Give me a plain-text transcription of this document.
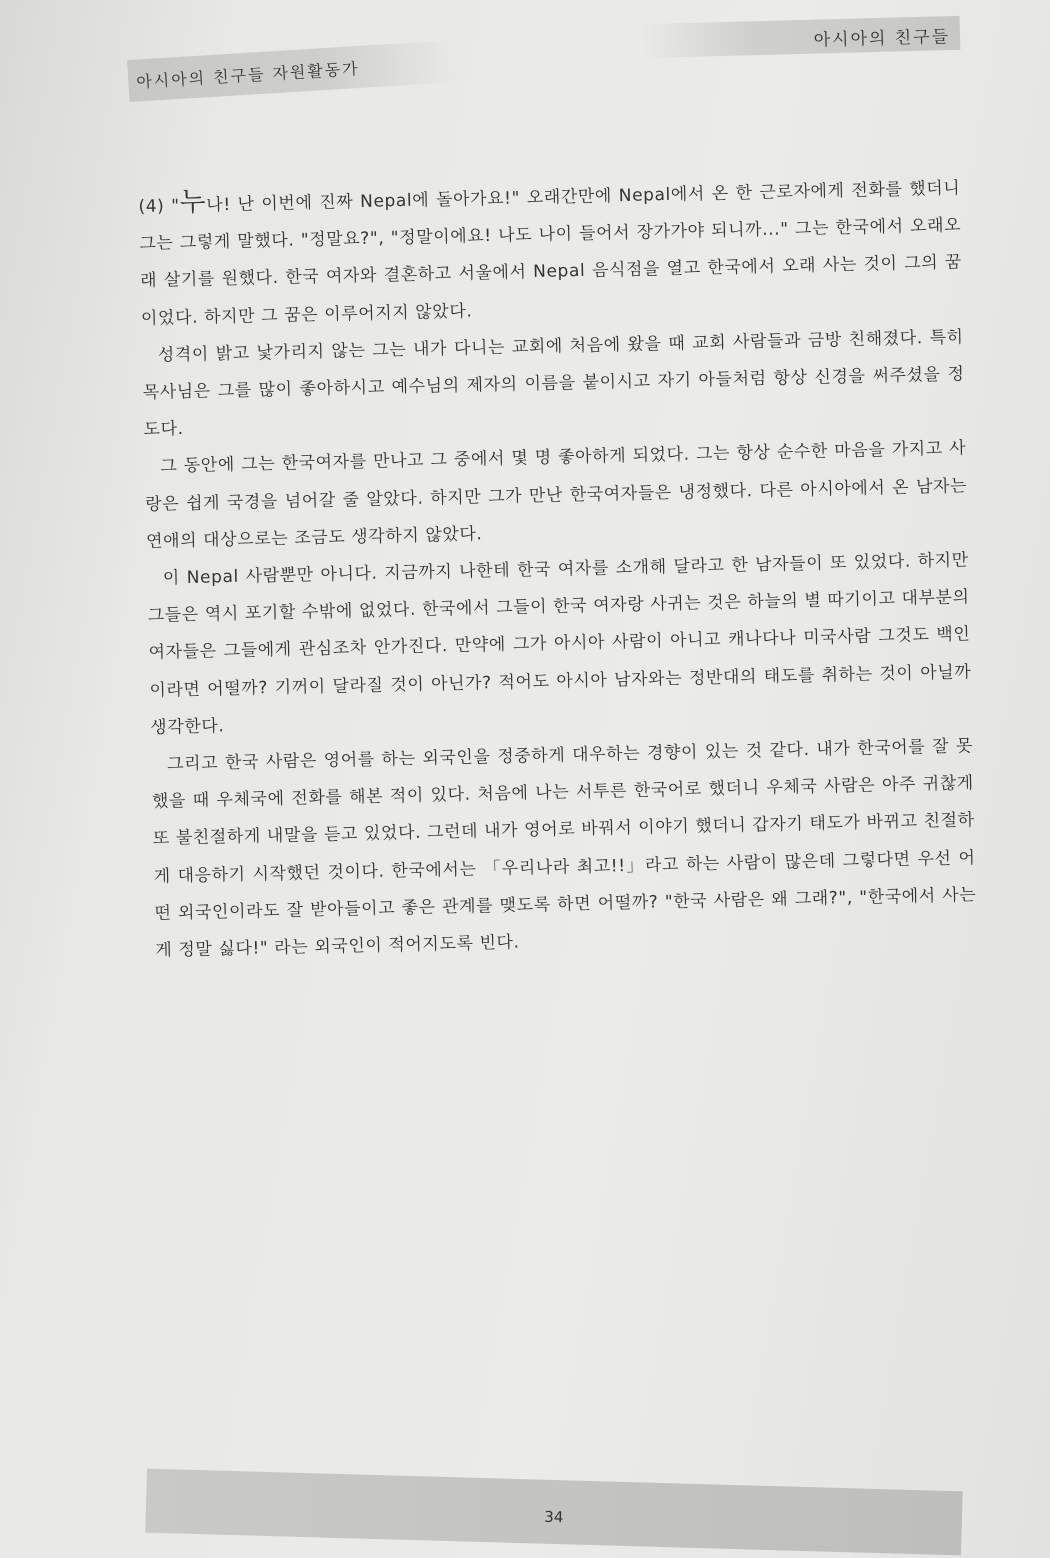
아시아의 친구들
아시아의 친구들 자원활동가

(4) "누나! 난 이번에 진짜 Nepal에 돌아가요!" 오래간만에 Nepal에서 온 한 근로자에게 전화를 했더니 그는 그렇게 말했다. "정말요?", "정말이에요! 나도 나이 들어서 장가가야 되니까..." 그는 한국에서 오래오래 살기를 원했다. 한국 여자와 결혼하고 서울에서 Nepal 음식점을 열고 한국에서 오래 사는 것이 그의 꿈이었다. 하지만 그 꿈은 이루어지지 않았다.

성격이 밝고 낯가리지 않는 그는 내가 다니는 교회에 처음에 왔을 때 교회 사람들과 금방 친해졌다. 특히 목사님은 그를 많이 좋아하시고 예수님의 제자의 이름을 붙이시고 자기 아들처럼 항상 신경을 써주셨을 정도다.

그 동안에 그는 한국여자를 만나고 그 중에서 몇 명 좋아하게 되었다. 그는 항상 순수한 마음을 가지고 사랑은 쉽게 국경을 넘어갈 줄 알았다. 하지만 그가 만난 한국여자들은 냉정했다. 다른 아시아에서 온 남자는 연애의 대상으로는 조금도 생각하지 않았다.

이 Nepal 사람뿐만 아니다. 지금까지 나한테 한국 여자를 소개해 달라고 한 남자들이 또 있었다. 하지만 그들은 역시 포기할 수밖에 없었다. 한국에서 그들이 한국 여자랑 사귀는 것은 하늘의 별 따기이고 대부분의 여자들은 그들에게 관심조차 안가진다. 만약에 그가 아시아 사람이 아니고 캐나다나 미국사람 그것도 백인이라면 어떨까? 기꺼이 달라질 것이 아닌가? 적어도 아시아 남자와는 정반대의 태도를 취하는 것이 아닐까 생각한다.

그리고 한국 사람은 영어를 하는 외국인을 정중하게 대우하는 경향이 있는 것 같다. 내가 한국어를 잘 못했을 때 우체국에 전화를 해본 적이 있다. 처음에 나는 서투른 한국어로 했더니 우체국 사람은 아주 귀찮게 또 불친절하게 내말을 듣고 있었다. 그런데 내가 영어로 바꿔서 이야기 했더니 갑자기 태도가 바뀌고 친절하게 대응하기 시작했던 것이다. 한국에서는 「우리나라 최고!!」라고 하는 사람이 많은데 그렇다면 우선 어떤 외국인이라도 잘 받아들이고 좋은 관계를 맺도록 하면 어떨까? "한국 사람은 왜 그래?", "한국에서 사는 게 정말 싫다!" 라는 외국인이 적어지도록 빈다.

34
